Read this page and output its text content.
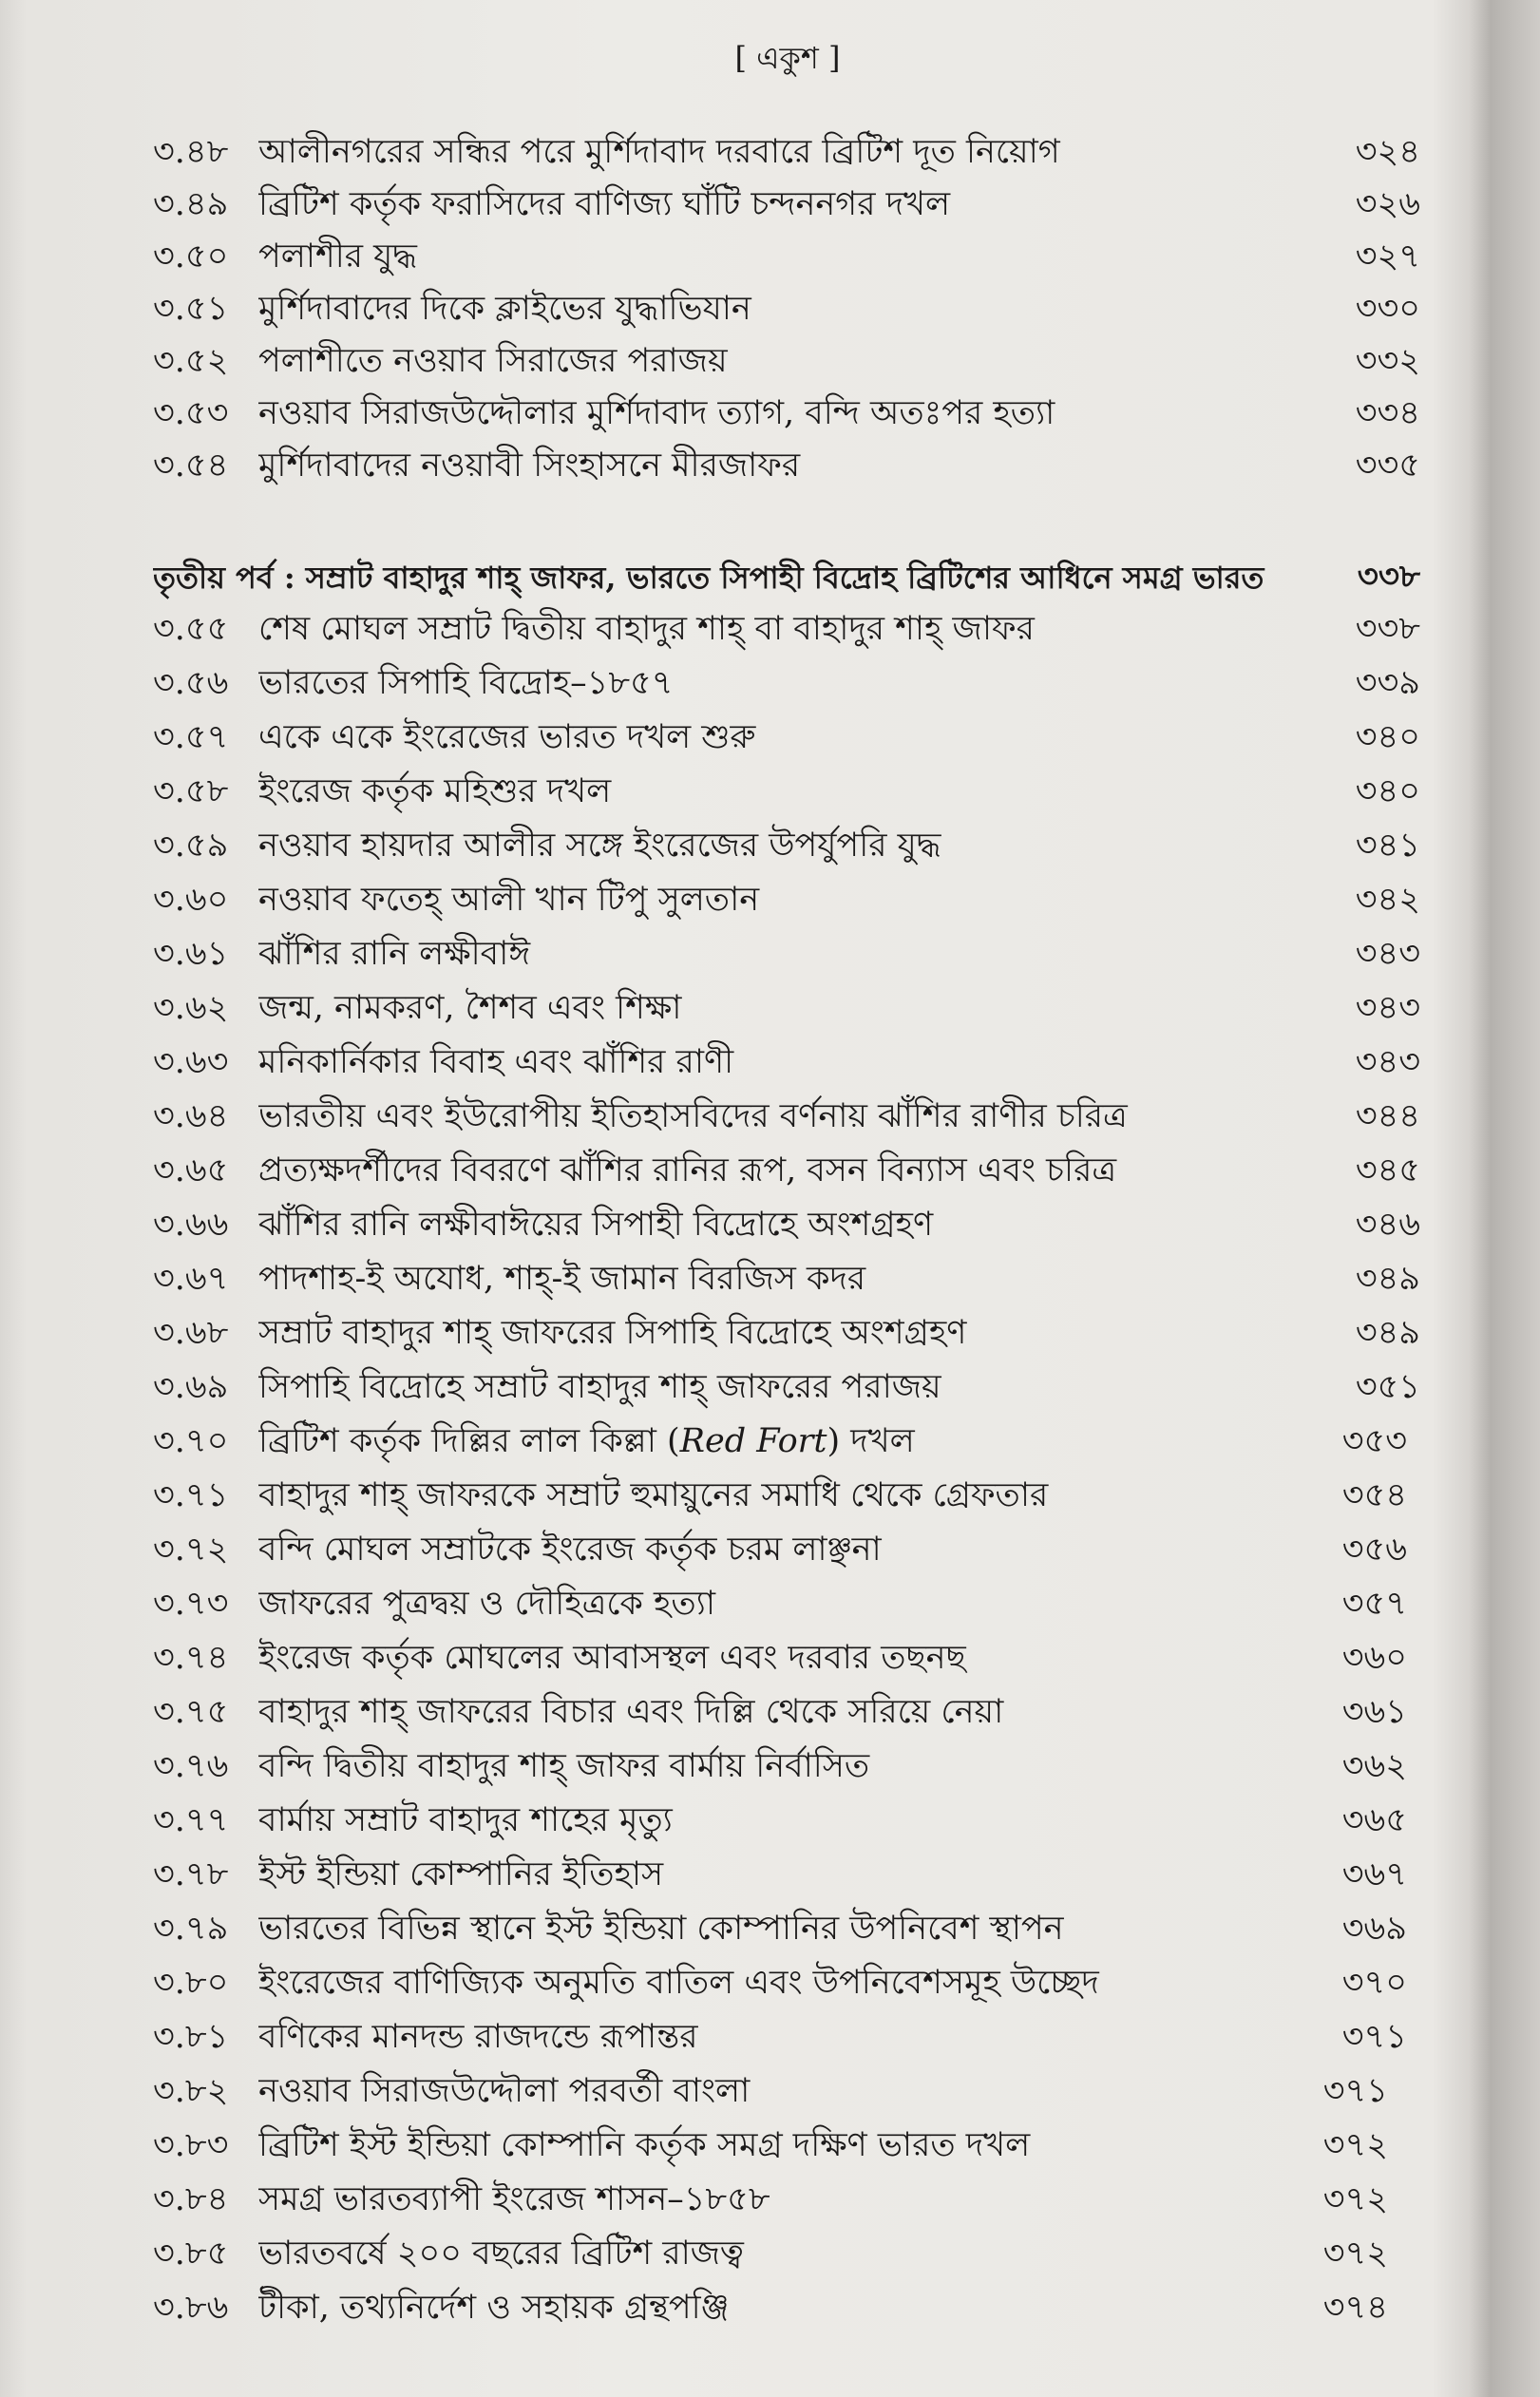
[ একুশ ]
৩.৪৮ আলীনগরের সন্ধির পরে মুর্শিদাবাদ দরবারে ব্রিটিশ দূত নিয়োগ	৩২৪
৩.৪৯ ব্রিটিশ কর্তৃক ফরাসিদের বাণিজ্য ঘাঁটি চন্দননগর দখল	৩২৬
৩.৫০ পলাশীর যুদ্ধ	৩২৭
৩.৫১ মুর্শিদাবাদের দিকে ক্লাইভের যুদ্ধাভিযান	৩৩০
৩.৫২ পলাশীতে নওয়াব সিরাজের পরাজয়	৩৩২
৩.৫৩ নওয়াব সিরাজউদ্দৌলার মুর্শিদাবাদ ত্যাগ, বন্দি অতঃপর হত্যা	৩৩৪
৩.৫৪ মুর্শিদাবাদের নওয়াবী সিংহাসনে মীরজাফর	৩৩৫
তৃতীয় পর্ব : সম্রাট বাহাদুর শাহ্ জাফর, ভারতে সিপাহী বিদ্রোহ ব্রিটিশের আধিনে সমগ্র ভারত	৩৩৮
৩.৫৫ শেষ মোঘল সম্রাট দ্বিতীয় বাহাদুর শাহ্ বা বাহাদুর শাহ্ জাফর	৩৩৮
৩.৫৬ ভারতের সিপাহি বিদ্রোহ–১৮৫৭	৩৩৯
৩.৫৭ একে একে ইংরেজের ভারত দখল শুরু	৩৪০
৩.৫৮ ইংরেজ কর্তৃক মহিশুর দখল	৩৪০
৩.৫৯ নওয়াব হায়দার আলীর সঙ্গে ইংরেজের উপর্যুপরি যুদ্ধ	৩৪১
৩.৬০ নওয়াব ফতেহ্ আলী খান টিপু সুলতান	৩৪২
৩.৬১ ঝাঁশির রানি লক্ষীবাঈ	৩৪৩
৩.৬২ জন্ম, নামকরণ, শৈশব এবং শিক্ষা	৩৪৩
৩.৬৩ মনিকার্নিকার বিবাহ এবং ঝাঁশির রাণী	৩৪৩
৩.৬৪ ভারতীয় এবং ইউরোপীয় ইতিহাসবিদের বর্ণনায় ঝাঁশির রাণীর চরিত্র	৩৪৪
৩.৬৫ প্রত্যক্ষদর্শীদের বিবরণে ঝাঁশির রানির রূপ, বসন বিন্যাস এবং চরিত্র	৩৪৫
৩.৬৬ ঝাঁশির রানি লক্ষীবাঈয়ের সিপাহী বিদ্রোহে অংশগ্রহণ	৩৪৬
৩.৬৭ পাদশাহ-ই অযোধ, শাহ্-ই জামান বিরজিস কদর	৩৪৯
৩.৬৮ সম্রাট বাহাদুর শাহ্ জাফরের সিপাহি বিদ্রোহে অংশগ্রহণ	৩৪৯
৩.৬৯ সিপাহি বিদ্রোহে সম্রাট বাহাদুর শাহ্ জাফরের পরাজয়	৩৫১
৩.৭০ ব্রিটিশ কর্তৃক দিল্লির লাল কিল্লা (Red Fort) দখল	৩৫৩
৩.৭১ বাহাদুর শাহ্ জাফরকে সম্রাট হুমায়ুনের সমাধি থেকে গ্রেফতার	৩৫৪
৩.৭২ বন্দি মোঘল সম্রাটকে ইংরেজ কর্তৃক চরম লাঞ্ছনা	৩৫৬
৩.৭৩ জাফরের পুত্রদ্বয় ও দৌহিত্রকে হত্যা	৩৫৭
৩.৭৪ ইংরেজ কর্তৃক মোঘলের আবাসস্থল এবং দরবার তছনছ	৩৬০
৩.৭৫ বাহাদুর শাহ্ জাফরের বিচার এবং দিল্লি থেকে সরিয়ে নেয়া	৩৬১
৩.৭৬ বন্দি দ্বিতীয় বাহাদুর শাহ্ জাফর বার্মায় নির্বাসিত	৩৬২
৩.৭৭ বার্মায় সম্রাট বাহাদুর শাহের মৃত্যু	৩৬৫
৩.৭৮ ইস্ট ইন্ডিয়া কোম্পানির ইতিহাস	৩৬৭
৩.৭৯ ভারতের বিভিন্ন স্থানে ইস্ট ইন্ডিয়া কোম্পানির উপনিবেশ স্থাপন	৩৬৯
৩.৮০ ইংরেজের বাণিজ্যিক অনুমতি বাতিল এবং উপনিবেশসমূহ উচ্ছেদ	৩৭০
৩.৮১ বণিকের মানদন্ড রাজদন্ডে রূপান্তর	৩৭১
৩.৮২ নওয়াব সিরাজউদ্দৌলা পরবর্তী বাংলা	৩৭১
৩.৮৩ ব্রিটিশ ইস্ট ইন্ডিয়া কোম্পানি কর্তৃক সমগ্র দক্ষিণ ভারত দখল	৩৭২
৩.৮৪ সমগ্র ভারতব্যাপী ইংরেজ শাসন–১৮৫৮	৩৭২
৩.৮৫ ভারতবর্ষে ২০০ বছরের ব্রিটিশ রাজত্ব	৩৭২
৩.৮৬ টীকা, তথ্যনির্দেশ ও সহায়ক গ্রন্থপঞ্জি	৩৭৪
